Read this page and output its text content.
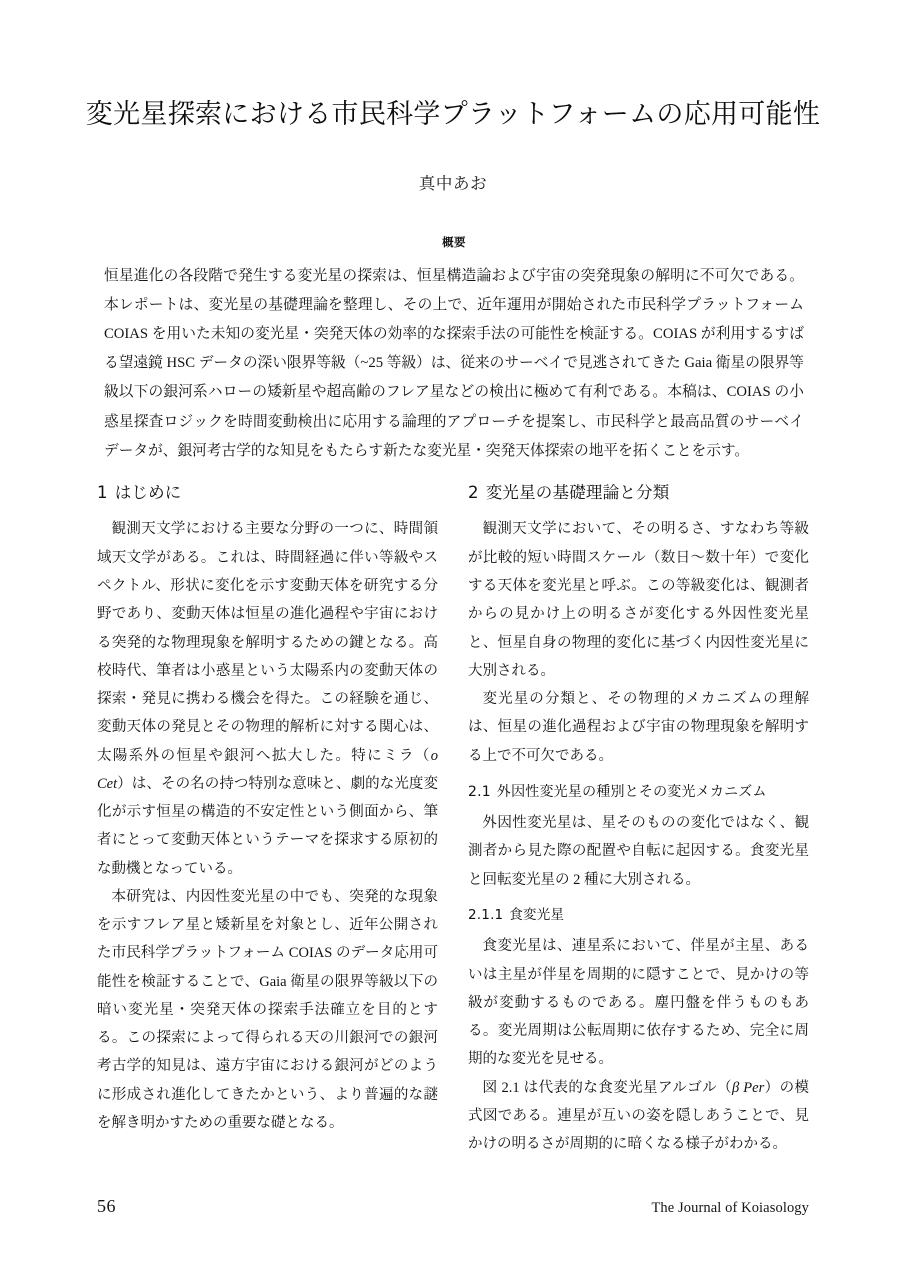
変光星探索における市民科学プラットフォームの応用可能性

真中あお

概要

恒星進化の各段階で発生する変光星の探索は、恒星構造論および宇宙の突発現象の解明に不可欠である。本レポートは、変光星の基礎理論を整理し、その上で、近年運用が開始された市民科学プラットフォーム COIAS を用いた未知の変光星・突発天体の効率的な探索手法の可能性を検証する。COIAS が利用するすばる望遠鏡 HSC データの深い限界等級（~25 等級）は、従来のサーベイで見逃されてきた Gaia 衛星の限界等級以下の銀河系ハローの矮新星や超高齢のフレア星などの検出に極めて有利である。本稿は、COIAS の小惑星探査ロジックを時間変動検出に応用する論理的アプローチを提案し、市民科学と最高品質のサーベイデータが、銀河考古学的な知見をもたらす新たな変光星・突発天体探索の地平を拓くことを示す。

1 はじめに

観測天文学における主要な分野の一つに、時間領域天文学がある。これは、時間経過に伴い等級やスペクトル、形状に変化を示す変動天体を研究する分野であり、変動天体は恒星の進化過程や宇宙における突発的な物理現象を解明するための鍵となる。高校時代、筆者は小惑星という太陽系内の変動天体の探索・発見に携わる機会を得た。この経験を通じ、変動天体の発見とその物理的解析に対する関心は、太陽系外の恒星や銀河へ拡大した。特にミラ（o Cet）は、その名の持つ特別な意味と、劇的な光度変化が示す恒星の構造的不安定性という側面から、筆者にとって変動天体というテーマを探求する原初的な動機となっている。

本研究は、内因性変光星の中でも、突発的な現象を示すフレア星と矮新星を対象とし、近年公開された市民科学プラットフォーム COIAS のデータ応用可能性を検証することで、Gaia 衛星の限界等級以下の暗い変光星・突発天体の探索手法確立を目的とする。この探索によって得られる天の川銀河での銀河考古学的知見は、遠方宇宙における銀河がどのように形成され進化してきたかという、より普遍的な謎を解き明かすための重要な礎となる。

2 変光星の基礎理論と分類

観測天文学において、その明るさ、すなわち等級が比較的短い時間スケール（数日〜数十年）で変化する天体を変光星と呼ぶ。この等級変化は、観測者からの見かけ上の明るさが変化する外因性変光星と、恒星自身の物理的変化に基づく内因性変光星に大別される。

変光星の分類と、その物理的メカニズムの理解は、恒星の進化過程および宇宙の物理現象を解明する上で不可欠である。

2.1 外因性変光星の種別とその変光メカニズム

外因性変光星は、星そのものの変化ではなく、観測者から見た際の配置や自転に起因する。食変光星と回転変光星の 2 種に大別される。

2.1.1 食変光星

食変光星は、連星系において、伴星が主星、あるいは主星が伴星を周期的に隠すことで、見かけの等級が変動するものである。塵円盤を伴うものもある。変光周期は公転周期に依存するため、完全に周期的な変光を見せる。

図 2.1 は代表的な食変光星アルゴル（β Per）の模式図である。連星が互いの姿を隠しあうことで、見かけの明るさが周期的に暗くなる様子がわかる。

56	The Journal of Koiasology
